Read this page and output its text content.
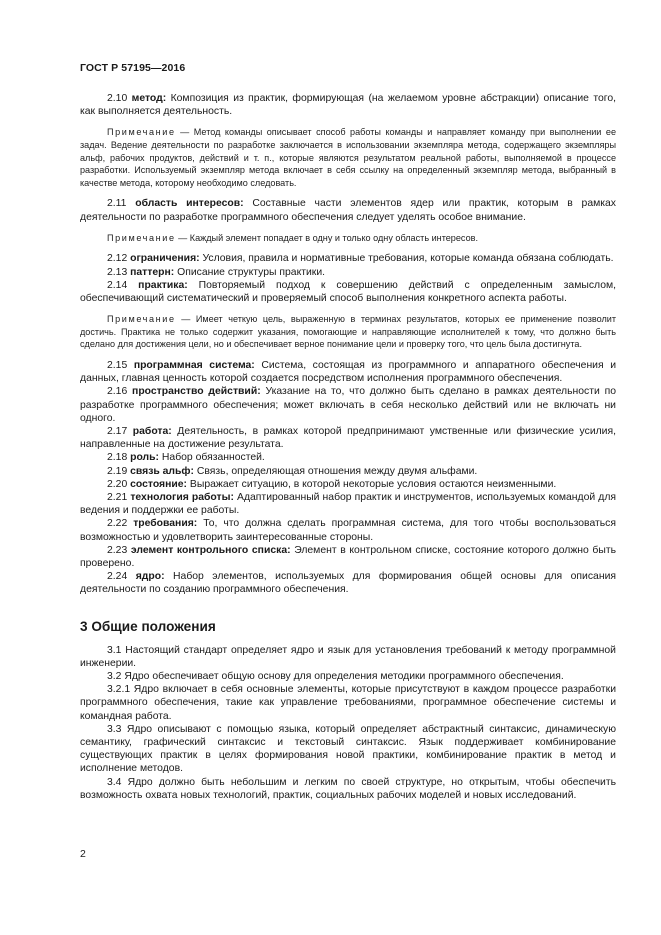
ГОСТ Р 57195—2016

2.10 метод: Композиция из практик, формирующая (на желаемом уровне абстракции) описание того, как выполняется деятельность.

Примечание — Метод команды описывает способ работы команды и направляет команду при выполнении ее задач. Ведение деятельности по разработке заключается в использовании экземпляра метода, содержащего экземпляры альф, рабочих продуктов, действий и т. п., которые являются результатом реальной работы, выполняемой в процессе разработки. Используемый экземпляр метода включает в себя ссылку на определенный экземпляр метода, выбранный в качестве метода, которому необходимо следовать.

2.11 область интересов: Составные части элементов ядер или практик, которым в рамках деятельности по разработке программного обеспечения следует уделять особое внимание.

Примечание — Каждый элемент попадает в одну и только одну область интересов.

2.12 ограничения: Условия, правила и нормативные требования, которые команда обязана соблюдать.

2.13 паттерн: Описание структуры практики.

2.14 практика: Повторяемый подход к совершению действий с определенным замыслом, обеспечивающий систематический и проверяемый способ выполнения конкретного аспекта работы.

Примечание — Имеет четкую цель, выраженную в терминах результатов, которых ее применение позволит достичь. Практика не только содержит указания, помогающие и направляющие исполнителей к тому, что должно быть сделано для достижения цели, но и обеспечивает верное понимание цели и проверку того, что цель была достигнута.

2.15 программная система: Система, состоящая из программного и аппаратного обеспечения и данных, главная ценность которой создается посредством исполнения программного обеспечения.

2.16 пространство действий: Указание на то, что должно быть сделано в рамках деятельности по разработке программного обеспечения; может включать в себя несколько действий или не включать ни одного.

2.17 работа: Деятельность, в рамках которой предпринимают умственные или физические усилия, направленные на достижение результата.

2.18 роль: Набор обязанностей.

2.19 связь альф: Связь, определяющая отношения между двумя альфами.

2.20 состояние: Выражает ситуацию, в которой некоторые условия остаются неизменными.

2.21 технология работы: Адаптированный набор практик и инструментов, используемых командой для ведения и поддержки ее работы.

2.22 требования: То, что должна сделать программная система, для того чтобы воспользоваться возможностью и удовлетворить заинтересованные стороны.

2.23 элемент контрольного списка: Элемент в контрольном списке, состояние которого должно быть проверено.

2.24 ядро: Набор элементов, используемых для формирования общей основы для описания деятельности по созданию программного обеспечения.

3 Общие положения

3.1 Настоящий стандарт определяет ядро и язык для установления требований к методу программной инженерии.

3.2 Ядро обеспечивает общую основу для определения методики программного обеспечения.

3.2.1 Ядро включает в себя основные элементы, которые присутствуют в каждом процессе разработки программного обеспечения, такие как управление требованиями, программное обеспечение системы и командная работа.

3.3 Ядро описывают с помощью языка, который определяет абстрактный синтаксис, динамическую семантику, графический синтаксис и текстовый синтаксис. Язык поддерживает комбинирование существующих практик в целях формирования новой практики, комбинирование практик в метод и исполнение методов.

3.4 Ядро должно быть небольшим и легким по своей структуре, но открытым, чтобы обеспечить возможность охвата новых технологий, практик, социальных рабочих моделей и новых исследований.

2
